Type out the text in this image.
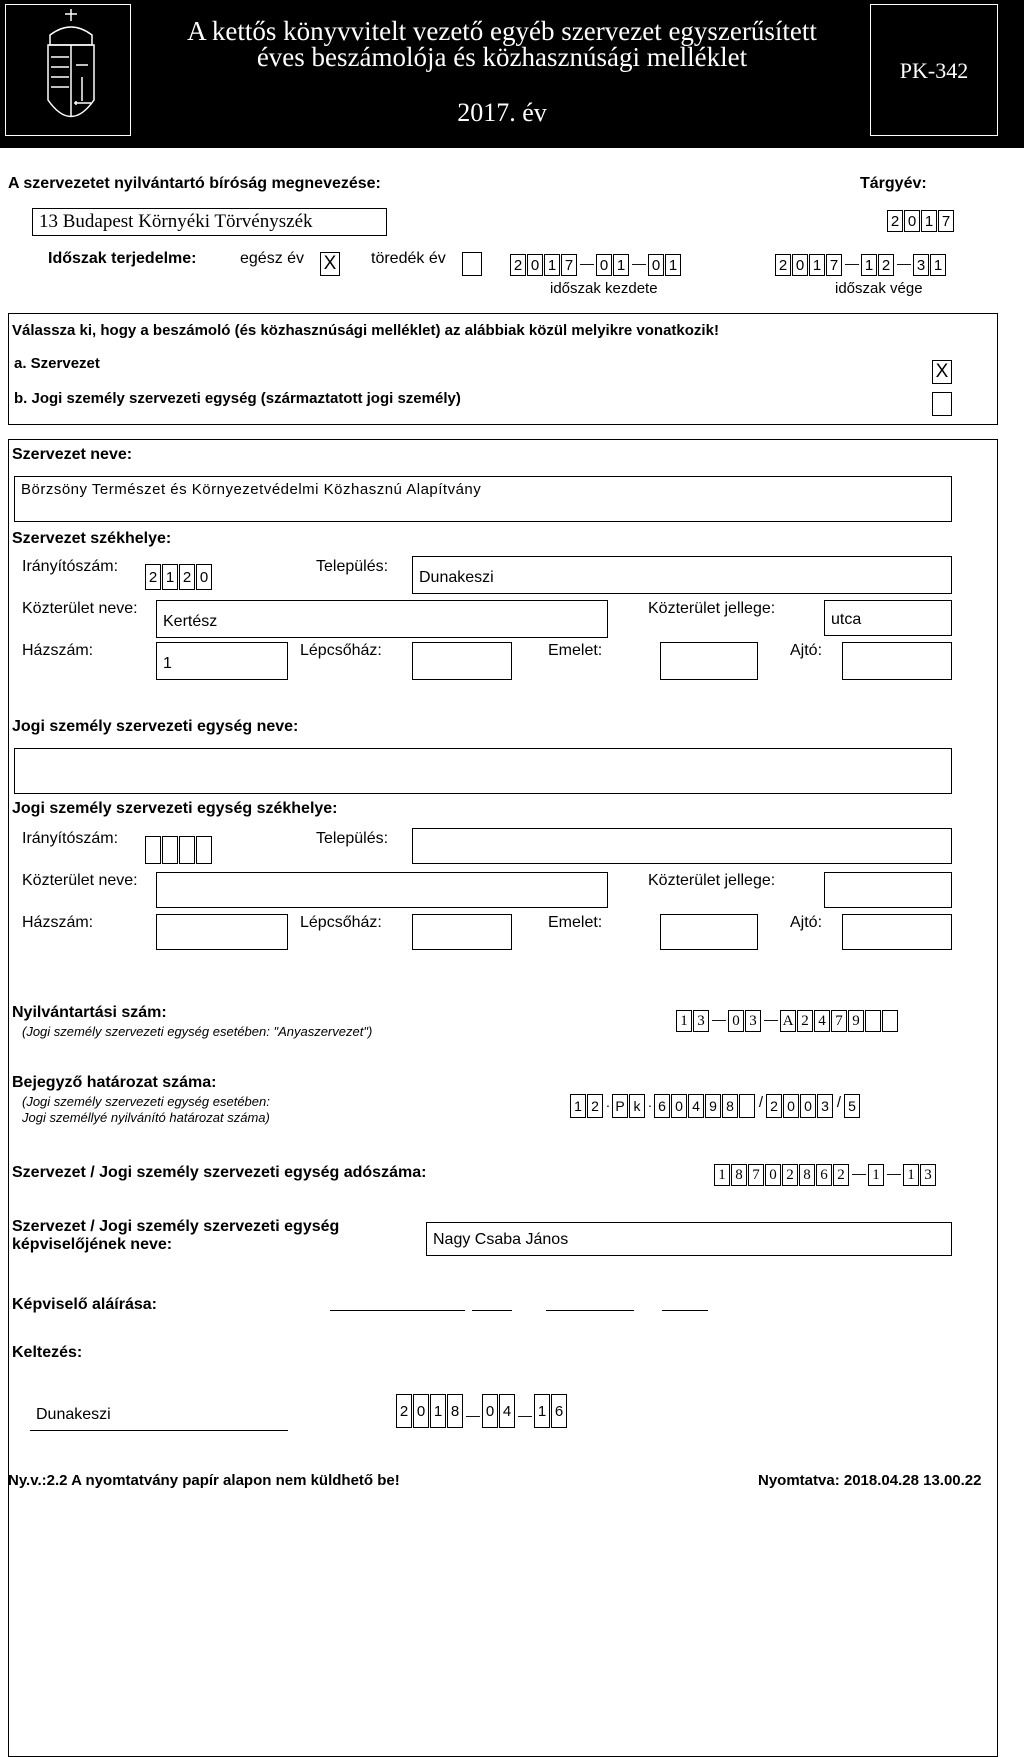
A kettős könyvvitelt vezető egyéb szervezet egyszerűsített
éves beszámolója és közhasznúsági melléklet
2017. év
PK-342
A szervezetet nyilvántartó bíróság megnevezése:	Tárgyév:
13 Budapest Környéki Törvényszék	2 0 1 7
Időszak terjedelme:	egész év X töredék év	2 0 1 7 — 0 1 — 0 1
időszak kezdete
2 0 1 7 — 1 2 — 3 1
időszak vége
Válassza ki, hogy a beszámoló (és közhasznúsági melléklet) az alábbiak közül melyikre vonatkozik!
a. Szervezet	X
b. Jogi személy szervezeti egység (származtatott jogi személy)
Szervezet neve:
Börzsöny Természet és Környezetvédelmi Közhasznú Alapítvány
Szervezet székhelye:
Irányítószám:
2 1 2 0
Település:
Dunakeszi
Közterület neve:
Kertész
Közterület jellege:
utca
Házszám:
1
Lépcsőház:	Emelet:	Ajtó:
Jogi személy szervezeti egység neve:
Jogi személy szervezeti egység székhelye:
Irányítószám:	Település:
Közterület neve:	Közterület jellege:
Házszám:	Lépcsőház:	Emelet:	Ajtó:
Nyilvántartási szám:
(Jogi személy szervezeti egység esetében: "Anyaszervezet")
1 3 — 0 3 — A 2 4 7 9
Bejegyző határozat száma:
(Jogi személy szervezeti egység esetében:
Jogi személlyé nyilvánító határozat száma)
1 2 · P k · 6 0 4 9 8 / 2 0 0 3 / 5
Szervezet / Jogi személy szervezeti egység adószáma:	1 8 7 0 2 8 6 2 — 1 — 1 3
Szervezet / Jogi személy szervezeti egység
képviselőjének neve:	Nagy Csaba János
Képviselő aláírása:
Keltezés:
Dunakeszi	2 0 1 8 — 0 4 — 1 6
Ny.v.:2.2 A nyomtatvány papír alapon nem küldhető be!	Nyomtatva: 2018.04.28 13.00.22
